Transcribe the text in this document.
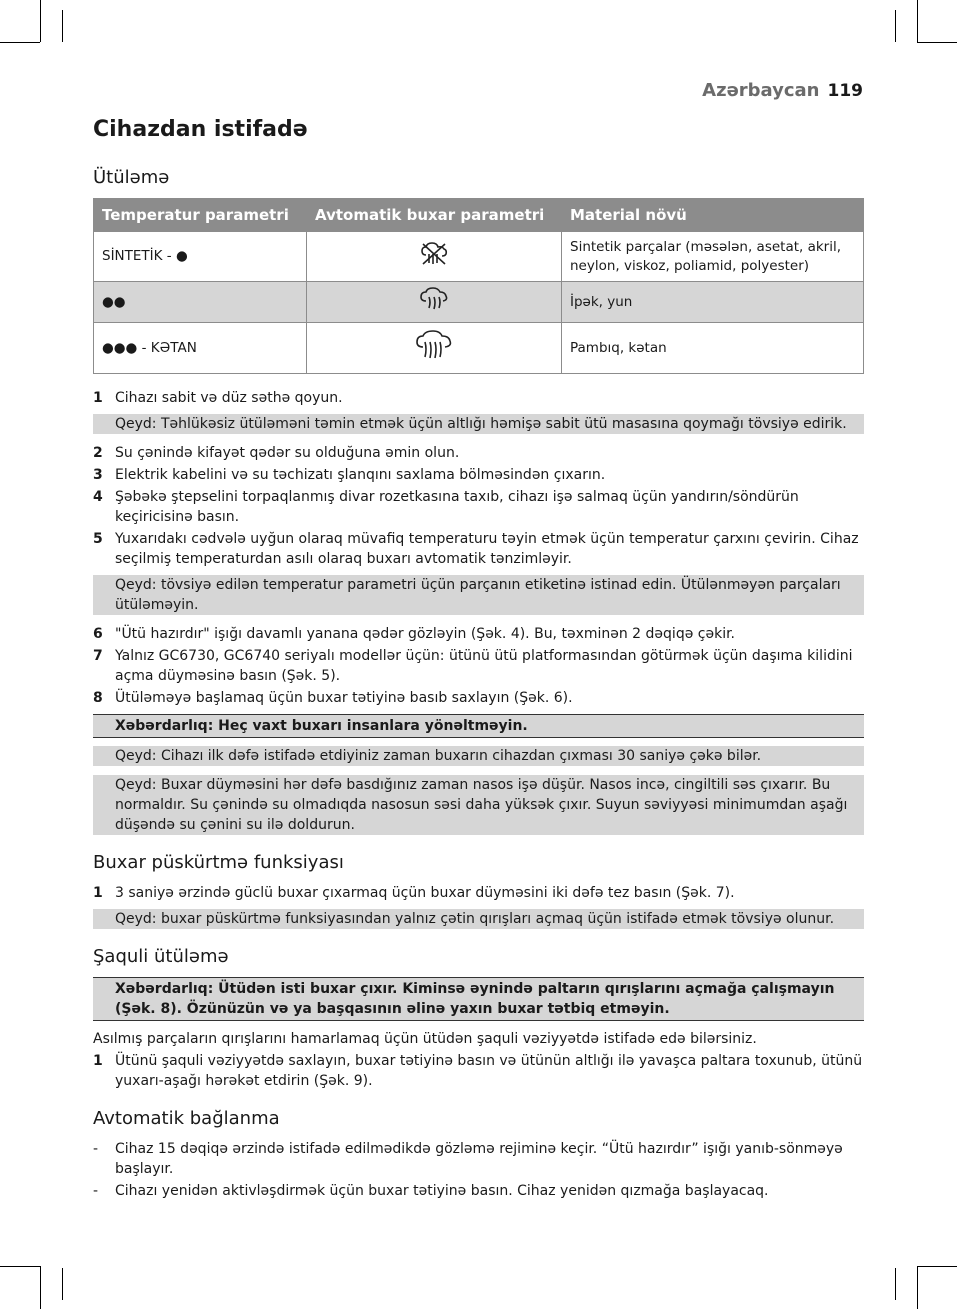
Azərbaycan 119
Cihazdan istifadə
Ütüləmə
Temperatur parametri	Avtomatik buxar parametri	Material növü
SİNTETİK - ●		Sintetik parçalar (məsələn, asetat, akril, neylon, viskoz, poliamid, polyester)
●●		İpək, yun
●●● - KƏTAN		Pambıq, kətan
1 Cihazı sabit və düz səthə qoyun.
Qeyd: Təhlükəsiz ütüləməni təmin etmək üçün altlığı həmişə sabit ütü masasına qoymağı tövsiyə edirik.
2 Su çənində kifayət qədər su olduğuna əmin olun.
3 Elektrik kabelini və su təchizatı şlanqını saxlama bölməsindən çıxarın.
4 Şəbəkə ştepselini torpaqlanmış divar rozetkasına taxıb, cihazı işə salmaq üçün yandırın/söndürün keçiricisinə basın.
5 Yuxarıdakı cədvələ uyğun olaraq müvafiq temperaturu təyin etmək üçün temperatur çarxını çevirin. Cihaz seçilmiş temperaturdan asılı olaraq buxarı avtomatik tənzimləyir.
Qeyd: tövsiyə edilən temperatur parametri üçün parçanın etiketinə istinad edin. Ütülənməyən parçaları ütüləməyin.
6 "Ütü hazırdır" işığı davamlı yanana qədər gözləyin (Şək. 4). Bu, təxminən 2 dəqiqə çəkir.
7 Yalnız GC6730, GC6740 seriyalı modellər üçün: ütünü ütü platformasından götürmək üçün daşıma kilidini açma düyməsinə basın (Şək. 5).
8 Ütüləməyə başlamaq üçün buxar tətiyinə basıb saxlayın (Şək. 6).
Xəbərdarlıq: Heç vaxt buxarı insanlara yönəltməyin.
Qeyd: Cihazı ilk dəfə istifadə etdiyiniz zaman buxarın cihazdan çıxması 30 saniyə çəkə bilər.
Qeyd: Buxar düyməsini hər dəfə basdığınız zaman nasos işə düşür. Nasos incə, cingiltili səs çıxarır. Bu normaldır. Su çənində su olmadıqda nasosun səsi daha yüksək çıxır. Suyun səviyyəsi minimumdan aşağı düşəndə su çənini su ilə doldurun.
Buxar püskürtmə funksiyası
1 3 saniyə ərzində güclü buxar çıxarmaq üçün buxar düyməsini iki dəfə tez basın (Şək. 7).
Qeyd: buxar püskürtmə funksiyasından yalnız çətin qırışları açmaq üçün istifadə etmək tövsiyə olunur.
Şaquli ütüləmə
Xəbərdarlıq: Ütüdən isti buxar çıxır. Kiminsə əynində paltarın qırışlarını açmağa çalışmayın (Şək. 8). Özünüzün və ya başqasının əlinə yaxın buxar tətbiq etməyin.
Asılmış parçaların qırışlarını hamarlamaq üçün ütüdən şaquli vəziyyətdə istifadə edə bilərsiniz.
1 Ütünü şaquli vəziyyətdə saxlayın, buxar tətiyinə basın və ütünün altlığı ilə yavaşca paltara toxunub, ütünü yuxarı-aşağı hərəkət etdirin (Şək. 9).
Avtomatik bağlanma
-	Cihaz 15 dəqiqə ərzində istifadə edilmədikdə gözləmə rejiminə keçir. “Ütü hazırdır” işığı yanıb-sönməyə başlayır.
-	Cihazı yenidən aktivləşdirmək üçün buxar tətiyinə basın. Cihaz yenidən qızmağa başlayacaq.
